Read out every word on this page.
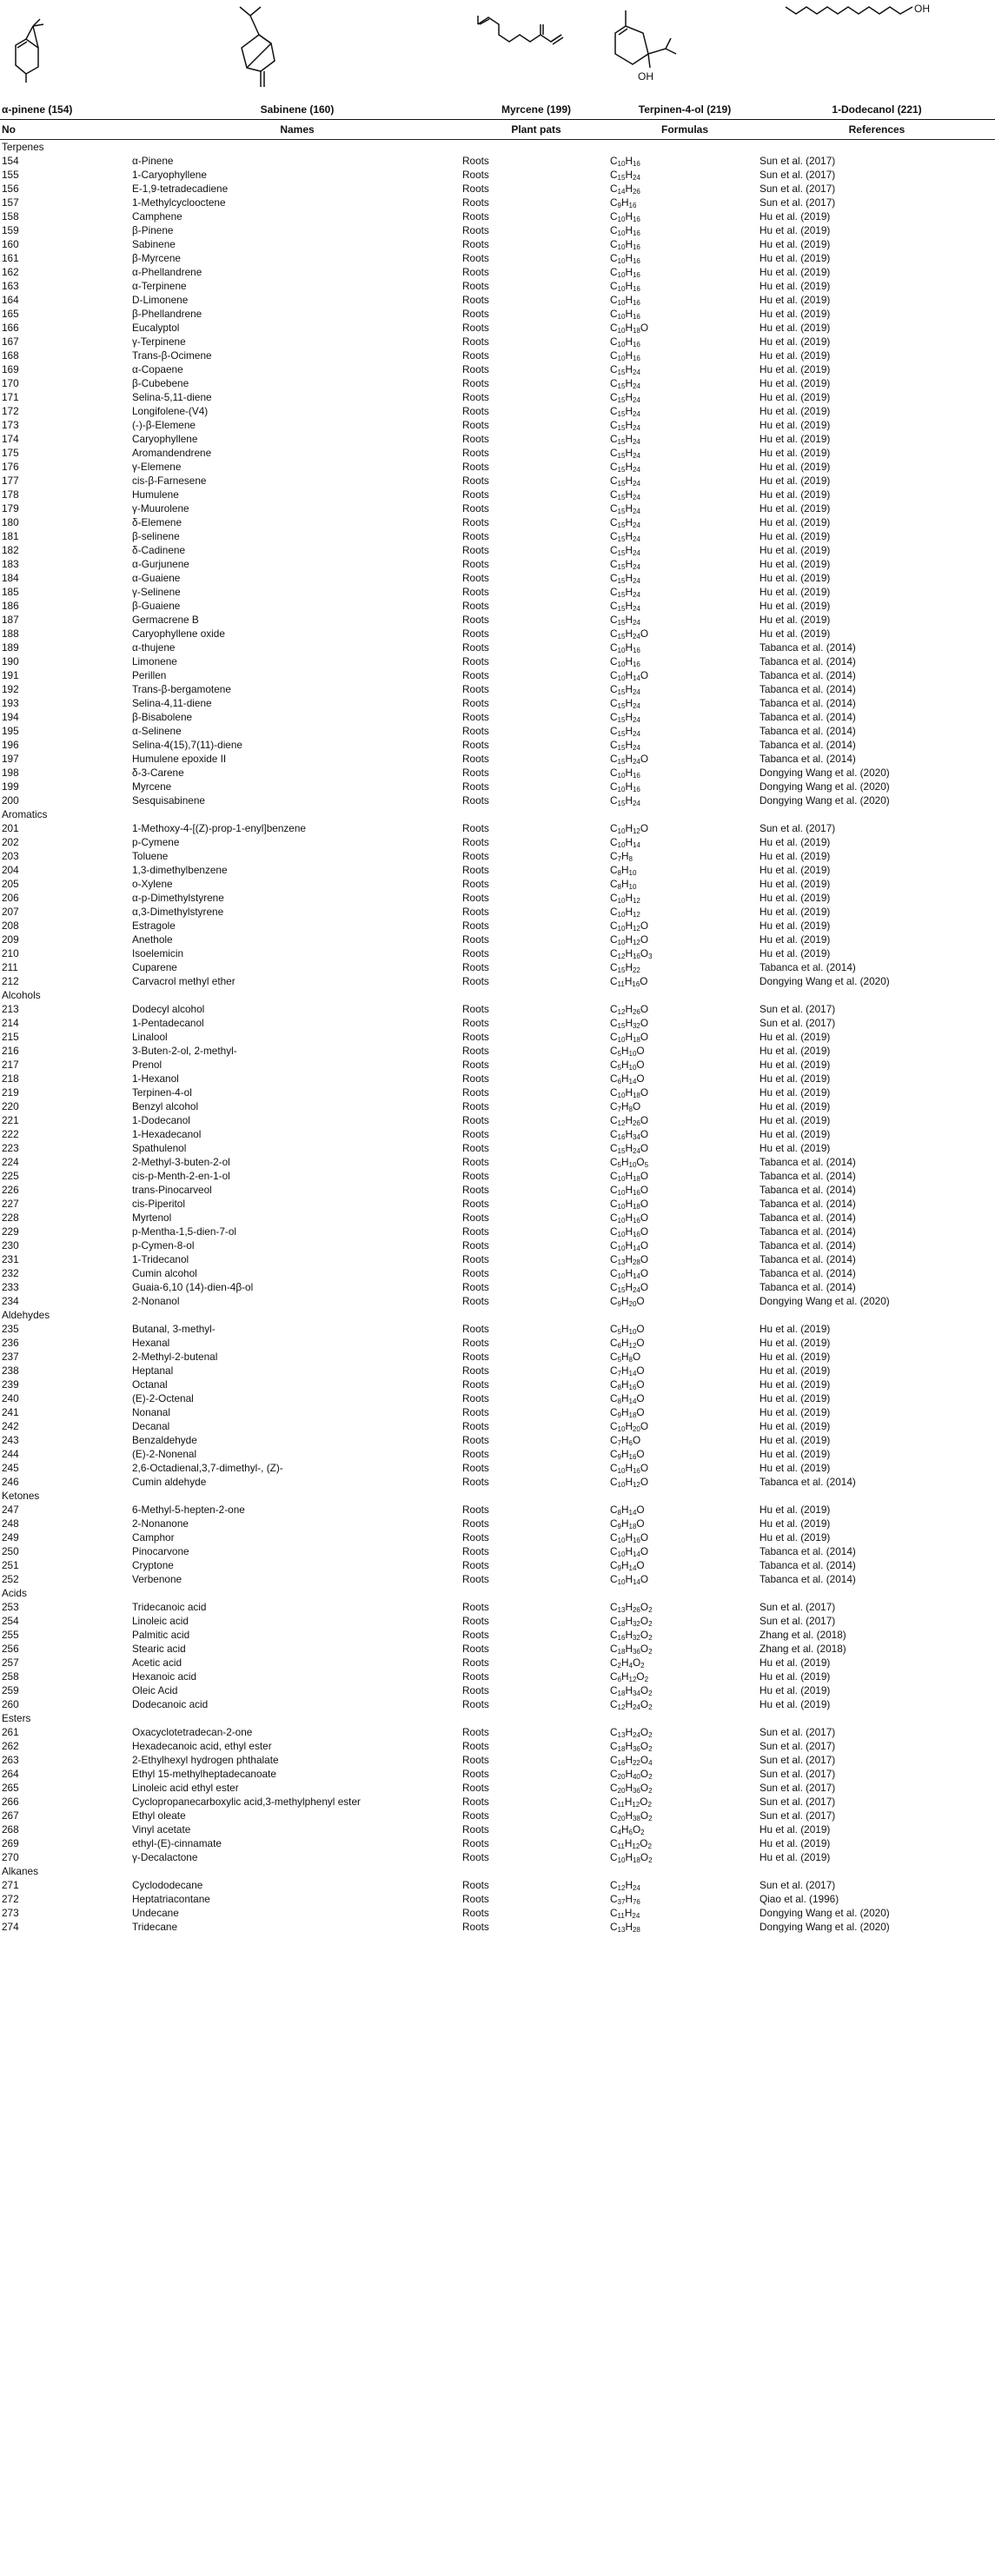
OH
OH
α-pinene (154)	Sabinene (160)	Myrcene (199)	Terpinen-4-ol (219)	1-Dodecanol (221)
No	Names	Plant pats	Formulas	References
Terpenes
154	α-Pinene	Roots	$C_{10}H_{16}$	Sun et al. (2017)
155	1-Caryophyllene	Roots	$C_{15}H_{24}$	Sun et al. (2017)
156	E-1,9-tetradecadiene	Roots	$C_{14}H_{26}$	Sun et al. (2017)
157	1-Methylcyclooctene	Roots	$C_9H_{16}$	Sun et al. (2017)
158	Camphene	Roots	$C_{10}H_{16}$	Hu et al. (2019)
159	β-Pinene	Roots	$C_{10}H_{16}$	Hu et al. (2019)
160	Sabinene	Roots	$C_{10}H_{16}$	Hu et al. (2019)
161	β-Myrcene	Roots	$C_{10}H_{16}$	Hu et al. (2019)
162	α-Phellandrene	Roots	$C_{10}H_{16}$	Hu et al. (2019)
163	α-Terpinene	Roots	$C_{10}H_{16}$	Hu et al. (2019)
164	D-Limonene	Roots	$C_{10}H_{16}$	Hu et al. (2019)
165	β-Phellandrene	Roots	$C_{10}H_{16}$	Hu et al. (2019)
166	Eucalyptol	Roots	$C_{10}H_{18}O$	Hu et al. (2019)
167	γ-Terpinene	Roots	$C_{10}H_{16}$	Hu et al. (2019)
168	Trans-β-Ocimene	Roots	$C_{10}H_{16}$	Hu et al. (2019)
169	α-Copaene	Roots	$C_{15}H_{24}$	Hu et al. (2019)
170	β-Cubebene	Roots	$C_{15}H_{24}$	Hu et al. (2019)
171	Selina-5,11-diene	Roots	$C_{15}H_{24}$	Hu et al. (2019)
172	Longifolene-(V4)	Roots	$C_{15}H_{24}$	Hu et al. (2019)
173	(-)-β-Elemene	Roots	$C_{15}H_{24}$	Hu et al. (2019)
174	Caryophyllene	Roots	$C_{15}H_{24}$	Hu et al. (2019)
175	Aromandendrene	Roots	$C_{15}H_{24}$	Hu et al. (2019)
176	γ-Elemene	Roots	$C_{15}H_{24}$	Hu et al. (2019)
177	cis-β-Farnesene	Roots	$C_{15}H_{24}$	Hu et al. (2019)
178	Humulene	Roots	$C_{15}H_{24}$	Hu et al. (2019)
179	γ-Muurolene	Roots	$C_{15}H_{24}$	Hu et al. (2019)
180	δ-Elemene	Roots	$C_{15}H_{24}$	Hu et al. (2019)
181	β-selinene	Roots	$C_{15}H_{24}$	Hu et al. (2019)
182	δ-Cadinene	Roots	$C_{15}H_{24}$	Hu et al. (2019)
183	α-Gurjunene	Roots	$C_{15}H_{24}$	Hu et al. (2019)
184	α-Guaiene	Roots	$C_{15}H_{24}$	Hu et al. (2019)
185	γ-Selinene	Roots	$C_{15}H_{24}$	Hu et al. (2019)
186	β-Guaiene	Roots	$C_{15}H_{24}$	Hu et al. (2019)
187	Germacrene B	Roots	$C_{15}H_{24}$	Hu et al. (2019)
188	Caryophyllene oxide	Roots	$C_{15}H_{24}O$	Hu et al. (2019)
189	α-thujene	Roots	$C_{10}H_{16}$	Tabanca et al. (2014)
190	Limonene	Roots	$C_{10}H_{16}$	Tabanca et al. (2014)
191	Perillen	Roots	$C_{10}H_{14}O$	Tabanca et al. (2014)
192	Trans-β-bergamotene	Roots	$C_{15}H_{24}$	Tabanca et al. (2014)
193	Selina-4,11-diene	Roots	$C_{15}H_{24}$	Tabanca et al. (2014)
194	β-Bisabolene	Roots	$C_{15}H_{24}$	Tabanca et al. (2014)
195	α-Selinene	Roots	$C_{15}H_{24}$	Tabanca et al. (2014)
196	Selina-4(15),7(11)-diene	Roots	$C_{15}H_{24}$	Tabanca et al. (2014)
197	Humulene epoxide II	Roots	$C_{15}H_{24}O$	Tabanca et al. (2014)
198	δ-3-Carene	Roots	$C_{10}H_{16}$	Dongying Wang et al. (2020)
199	Myrcene	Roots	$C_{10}H_{16}$	Dongying Wang et al. (2020)
200	Sesquisabinene	Roots	$C_{15}H_{24}$	Dongying Wang et al. (2020)
Aromatics
201	1-Methoxy-4-[(Z)-prop-1-enyl]benzene	Roots	$C_{10}H_{12}O$	Sun et al. (2017)
202	p-Cymene	Roots	$C_{10}H_{14}$	Hu et al. (2019)
203	Toluene	Roots	$C_7H_8$	Hu et al. (2019)
204	1,3-dimethylbenzene	Roots	$C_8H_{10}$	Hu et al. (2019)
205	o-Xylene	Roots	$C_8H_{10}$	Hu et al. (2019)
206	α-p-Dimethylstyrene	Roots	$C_{10}H_{12}$	Hu et al. (2019)
207	α,3-Dimethylstyrene	Roots	$C_{10}H_{12}$	Hu et al. (2019)
208	Estragole	Roots	$C_{10}H_{12}O$	Hu et al. (2019)
209	Anethole	Roots	$C_{10}H_{12}O$	Hu et al. (2019)
210	Isoelemicin	Roots	$C_{12}H_{16}O_3$	Hu et al. (2019)
211	Cuparene	Roots	$C_{15}H_{22}$	Tabanca et al. (2014)
212	Carvacrol methyl ether	Roots	$C_{11}H_{16}O$	Dongying Wang et al. (2020)
Alcohols
213	Dodecyl alcohol	Roots	$C_{12}H_{26}O$	Sun et al. (2017)
214	1-Pentadecanol	Roots	$C_{15}H_{32}O$	Sun et al. (2017)
215	Linalool	Roots	$C_{10}H_{18}O$	Hu et al. (2019)
216	3-Buten-2-ol, 2-methyl-	Roots	$C_5H_{10}O$	Hu et al. (2019)
217	Prenol	Roots	$C_5H_{10}O$	Hu et al. (2019)
218	1-Hexanol	Roots	$C_6H_{14}O$	Hu et al. (2019)
219	Terpinen-4-ol	Roots	$C_{10}H_{18}O$	Hu et al. (2019)
220	Benzyl alcohol	Roots	$C_7H_8O$	Hu et al. (2019)
221	1-Dodecanol	Roots	$C_{12}H_{26}O$	Hu et al. (2019)
222	1-Hexadecanol	Roots	$C_{16}H_{34}O$	Hu et al. (2019)
223	Spathulenol	Roots	$C_{15}H_{24}O$	Hu et al. (2019)
224	2-Methyl-3-buten-2-ol	Roots	$C_5H_{10}O_5$	Tabanca et al. (2014)
225	cis-p-Menth-2-en-1-ol	Roots	$C_{10}H_{18}O$	Tabanca et al. (2014)
226	trans-Pinocarveol	Roots	$C_{10}H_{16}O$	Tabanca et al. (2014)
227	cis-Piperitol	Roots	$C_{10}H_{18}O$	Tabanca et al. (2014)
228	Myrtenol	Roots	$C_{10}H_{16}O$	Tabanca et al. (2014)
229	p-Mentha-1,5-dien-7-ol	Roots	$C_{10}H_{16}O$	Tabanca et al. (2014)
230	p-Cymen-8-ol	Roots	$C_{10}H_{14}O$	Tabanca et al. (2014)
231	1-Tridecanol	Roots	$C_{13}H_{28}O$	Tabanca et al. (2014)
232	Cumin alcohol	Roots	$C_{10}H_{14}O$	Tabanca et al. (2014)
233	Guaia-6,10 (14)-dien-4β-ol	Roots	$C_{15}H_{24}O$	Tabanca et al. (2014)
234	2-Nonanol	Roots	$C_9H_{20}O$	Dongying Wang et al. (2020)
Aldehydes
235	Butanal, 3-methyl-	Roots	$C_5H_{10}O$	Hu et al. (2019)
236	Hexanal	Roots	$C_6H_{12}O$	Hu et al. (2019)
237	2-Methyl-2-butenal	Roots	$C_5H_8O$	Hu et al. (2019)
238	Heptanal	Roots	$C_7H_{14}O$	Hu et al. (2019)
239	Octanal	Roots	$C_8H_{16}O$	Hu et al. (2019)
240	(E)-2-Octenal	Roots	$C_8H_{14}O$	Hu et al. (2019)
241	Nonanal	Roots	$C_9H_{18}O$	Hu et al. (2019)
242	Decanal	Roots	$C_{10}H_{20}O$	Hu et al. (2019)
243	Benzaldehyde	Roots	$C_7H_6O$	Hu et al. (2019)
244	(E)-2-Nonenal	Roots	$C_9H_{16}O$	Hu et al. (2019)
245	2,6-Octadienal,3,7-dimethyl-, (Z)-	Roots	$C_{10}H_{16}O$	Hu et al. (2019)
246	Cumin aldehyde	Roots	$C_{10}H_{12}O$	Tabanca et al. (2014)
Ketones
247	6-Methyl-5-hepten-2-one	Roots	$C_8H_{14}O$	Hu et al. (2019)
248	2-Nonanone	Roots	$C_9H_{18}O$	Hu et al. (2019)
249	Camphor	Roots	$C_{10}H_{16}O$	Hu et al. (2019)
250	Pinocarvone	Roots	$C_{10}H_{14}O$	Tabanca et al. (2014)
251	Cryptone	Roots	$C_9H_{14}O$	Tabanca et al. (2014)
252	Verbenone	Roots	$C_{10}H_{14}O$	Tabanca et al. (2014)
Acids
253	Tridecanoic acid	Roots	$C_{13}H_{26}O_2$	Sun et al. (2017)
254	Linoleic acid	Roots	$C_{18}H_{32}O_2$	Sun et al. (2017)
255	Palmitic acid	Roots	$C_{16}H_{32}O_2$	Zhang et al. (2018)
256	Stearic acid	Roots	$C_{18}H_{36}O_2$	Zhang et al. (2018)
257	Acetic acid	Roots	$C_2H_4O_2$	Hu et al. (2019)
258	Hexanoic acid	Roots	$C_6H_{12}O_2$	Hu et al. (2019)
259	Oleic Acid	Roots	$C_{18}H_{34}O_2$	Hu et al. (2019)
260	Dodecanoic acid	Roots	$C_{12}H_{24}O_2$	Hu et al. (2019)
Esters
261	Oxacyclotetradecan-2-one	Roots	$C_{13}H_{24}O_2$	Sun et al. (2017)
262	Hexadecanoic acid, ethyl ester	Roots	$C_{18}H_{36}O_2$	Sun et al. (2017)
263	2-Ethylhexyl hydrogen phthalate	Roots	$C_{16}H_{22}O_4$	Sun et al. (2017)
264	Ethyl 15-methylheptadecanoate	Roots	$C_{20}H_{40}O_2$	Sun et al. (2017)
265	Linoleic acid ethyl ester	Roots	$C_{20}H_{36}O_2$	Sun et al. (2017)
266	Cyclopropanecarboxylic acid,3-methylphenyl ester	Roots	$C_{11}H_{12}O_2$	Sun et al. (2017)
267	Ethyl oleate	Roots	$C_{20}H_{38}O_2$	Sun et al. (2017)
268	Vinyl acetate	Roots	$C_4H_6O_2$	Hu et al. (2019)
269	ethyl-(E)-cinnamate	Roots	$C_{11}H_{12}O_2$	Hu et al. (2019)
270	γ-Decalactone	Roots	$C_{10}H_{18}O_2$	Hu et al. (2019)
Alkanes
271	Cyclododecane	Roots	$C_{12}H_{24}$	Sun et al. (2017)
272	Heptatriacontane	Roots	$C_{37}H_{76}$	Qiao et al. (1996)
273	Undecane	Roots	$C_{11}H_{24}$	Dongying Wang et al. (2020)
274	Tridecane	Roots	$C_{13}H_{28}$	Dongying Wang et al. (2020)
